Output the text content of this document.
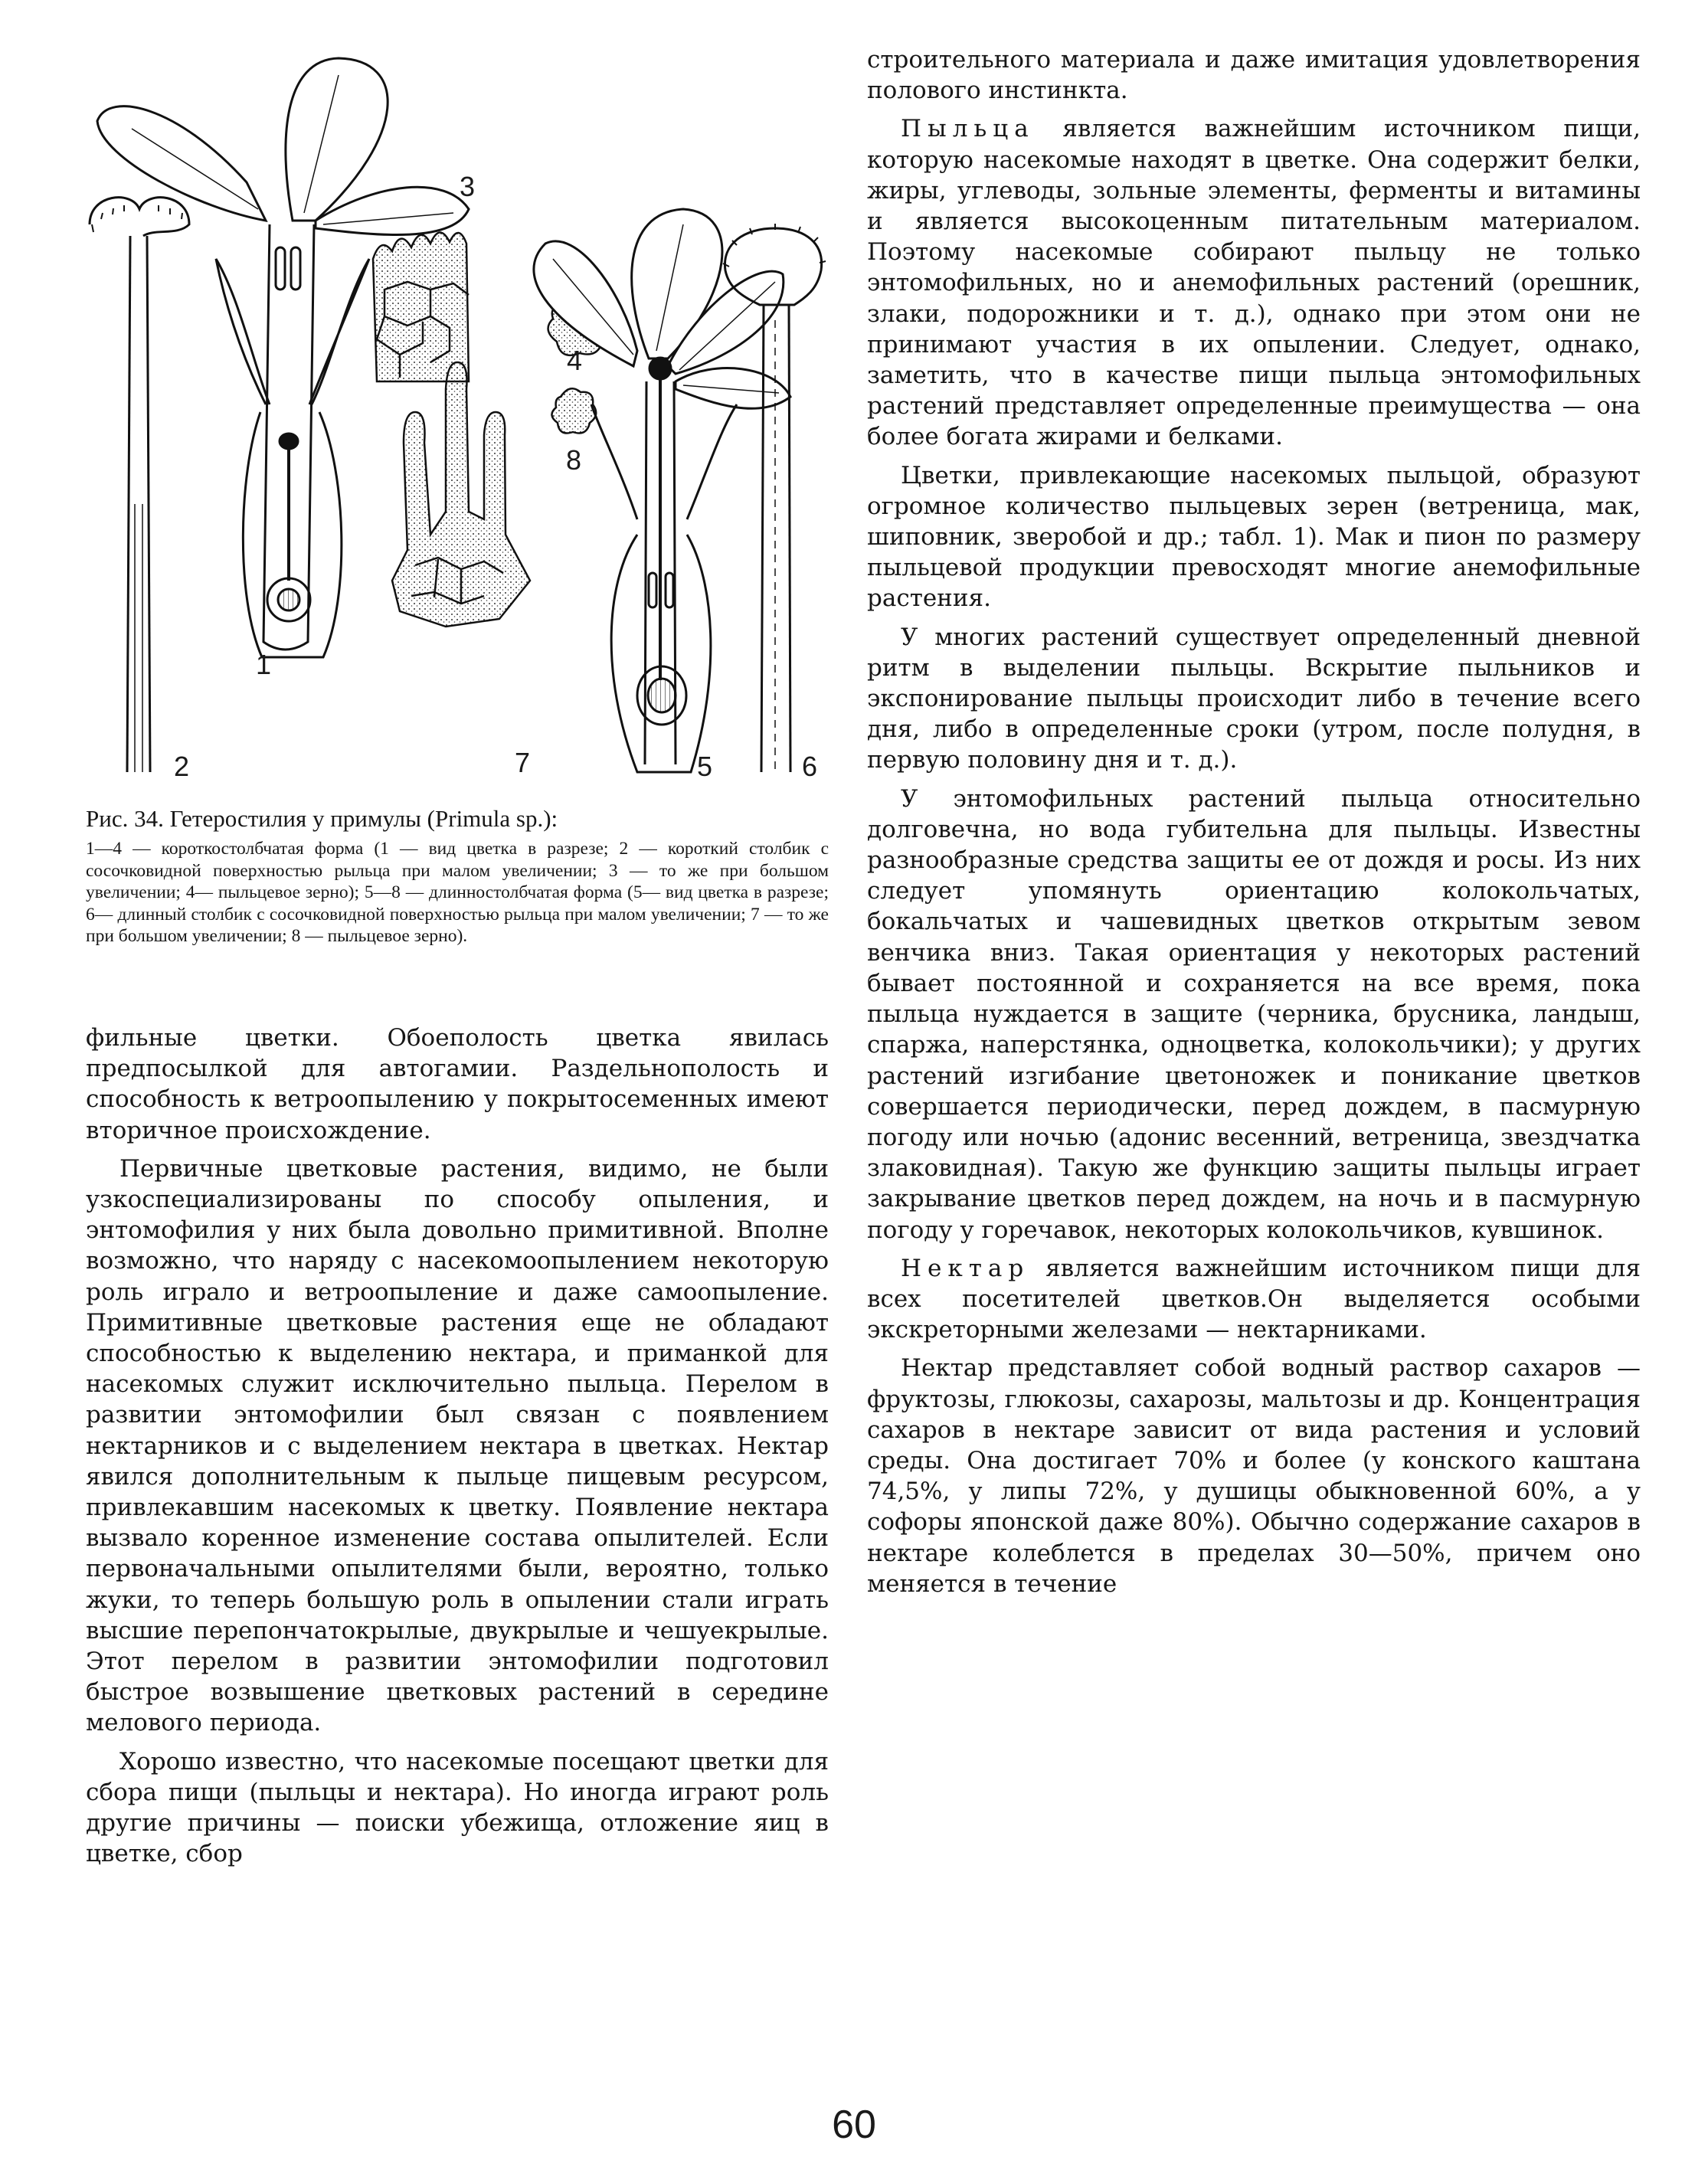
3
4
8
7
1
2	5	6

Рис. 34. Гетеростилия у примулы (Primula sp.):

1—4 — короткостолбчатая форма (1 — вид цветка в разрезе; 2 — короткий столбик с сосочковидной поверхностью рыльца при малом увеличении; 3 — то же при большом увеличении; 4— пыльцевое зерно); 5—8 — длинностолбчатая форма (5— вид цветка в разрезе; 6— длинный столбик с сосочковидной поверхностью рыльца при малом увеличении; 7 — то же при большом увеличении; 8 — пыльцевое зерно).

фильные цветки. Обоеполость цветка явилась предпосылкой для автогамии. Раздельнополость и способность к ветроопылению у покрытосеменных имеют вторичное происхождение.

Первичные цветковые растения, видимо, не были узкоспециализированы по способу опыления, и энтомофилия у них была довольно примитивной. Вполне возможно, что наряду с насекомоопылением некоторую роль играло и ветроопыление и даже самоопыление. Примитивные цветковые растения еще не обладают способностью к выделению нектара, и приманкой для насекомых служит исключительно пыльца. Перелом в развитии энтомофилии был связан с появлением нектарников и с выделением нектара в цветках. Нектар явился дополнительным к пыльце пищевым ресурсом, привлекавшим насекомых к цветку. Появление нектара вызвало коренное изменение состава опылителей. Если первоначальными опылителями были, вероятно, только жуки, то теперь большую роль в опылении стали играть высшие перепончатокрылые, двукрылые и чешуекрылые. Этот перелом в развитии энтомофилии подготовил быстрое возвышение цветковых растений в середине мелового периода.

Хорошо известно, что насекомые посещают цветки для сбора пищи (пыльцы и нектара). Но иногда играют роль другие причины — поиски убежища, отложение яиц в цветке, сбор

строительного материала и даже имитация удовлетворения полового инстинкта.

Пыльца является важнейшим источником пищи, которую насекомые находят в цветке. Она содержит белки, жиры, углеводы, зольные элементы, ферменты и витамины и является высокоценным питательным материалом. Поэтому насекомые собирают пыльцу не только энтомофильных, но и анемофильных растений (орешник, злаки, подорожники и т. д.), однако при этом они не принимают участия в их опылении. Следует, однако, заметить, что в качестве пищи пыльца энтомофильных растений представляет определенные преимущества — она более богата жирами и белками.

Цветки, привлекающие насекомых пыльцой, образуют огромное количество пыльцевых зерен (ветреница, мак, шиповник, зверобой и др.; табл. 1). Мак и пион по размеру пыльцевой продукции превосходят многие анемофильные растения.

У многих растений существует определенный дневной ритм в выделении пыльцы. Вскрытие пыльников и экспонирование пыльцы происходит либо в течение всего дня, либо в определенные сроки (утром, после полудня, в первую половину дня и т. д.).

У энтомофильных растений пыльца относительно долговечна, но вода губительна для пыльцы. Известны разнообразные средства защиты ее от дождя и росы. Из них следует упомянуть ориентацию колокольчатых, бокальчатых и чашевидных цветков открытым зевом венчика вниз. Такая ориентация у некоторых растений бывает постоянной и сохраняется на все время, пока пыльца нуждается в защите (черника, брусника, ландыш, спаржа, наперстянка, одноцветка, колокольчики); у других растений изгибание цветоножек и поникание цветков совершается периодически, перед дождем, в пасмурную погоду или ночью (адонис весенний, ветреница, звездчатка злаковидная). Такую же функцию защиты пыльцы играет закрывание цветков перед дождем, на ночь и в пасмурную погоду у горечавок, некоторых колокольчиков, кувшинок.

Нектар является важнейшим источником пищи для всех посетителей цветков.Он выделяется особыми экскреторными железами — нектарниками.

Нектар представляет собой водный раствор сахаров — фруктозы, глюкозы, сахарозы, мальтозы и др. Концентрация сахаров в нектаре зависит от вида растения и условий среды. Она достигает 70% и более (у конского каштана 74,5%, у липы 72%, у душицы обыкновенной 60%, а у софоры японской даже 80%). Обычно содержание сахаров в нектаре колеблется в пределах 30—50%, причем оно меняется в течение

60
